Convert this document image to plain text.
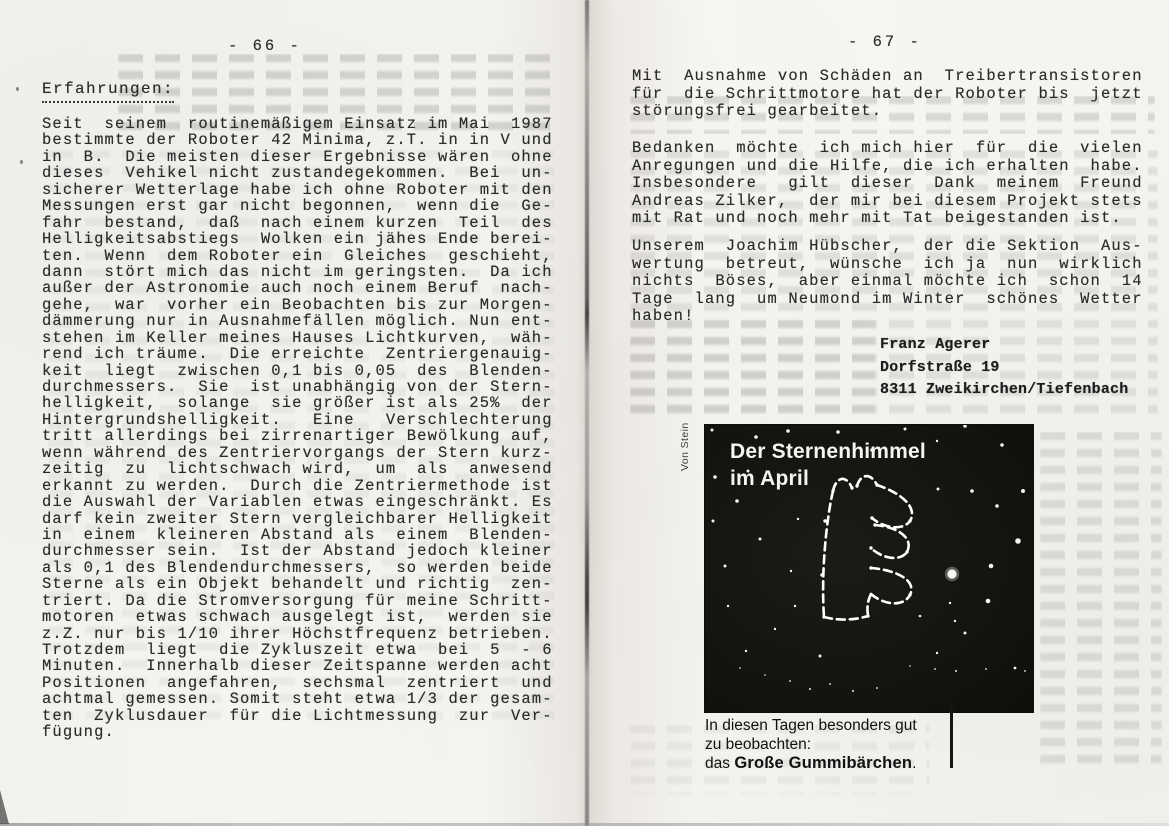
- 66 -
Erfahrungen:
Seit  seinem  routinemäßigem Einsatz im Mai  1987
bestimmte der Roboter 42 Minima, z.T. in in V und
in  B.  Die meisten dieser Ergebnisse wären  ohne
dieses  Vehikel nicht zustandegekommen.  Bei  un-
sicherer Wetterlage habe ich ohne Roboter mit den
Messungen erst gar nicht begonnen,  wenn die  Ge-
fahr  bestand,  daß  nach einem kurzen  Teil  des
Helligkeitsabstiegs  Wolken ein jähes Ende berei-
ten.  Wenn  dem Roboter ein  Gleiches  geschieht,
dann  stört mich das nicht im geringsten.  Da ich
außer der Astronomie auch noch einem Beruf  nach-
gehe,  war  vorher ein Beobachten bis zur Morgen-
dämmerung nur in Ausnahmefällen möglich. Nun ent-
stehen im Keller meines Hauses Lichtkurven,  wäh-
rend ich träume.  Die erreichte  Zentriergenauig-
keit  liegt  zwischen 0,1 bis 0,05  des  Blenden-
durchmessers.  Sie  ist unabhängig von der Stern-
helligkeit,  solange  sie größer ist als 25%  der
Hintergrundshelligkeit.   Eine   Verschlechterung
tritt allerdings bei zirrenartiger Bewölkung auf,
wenn während des Zentriervorgangs der Stern kurz-
zeitig  zu  lichtschwach wird,  um  als  anwesend
erkannt zu werden.  Durch die Zentriermethode ist
die Auswahl der Variablen etwas eingeschränkt. Es
darf kein zweiter Stern vergleichbarer Helligkeit
in  einem  kleineren Abstand als  einem  Blenden-
durchmesser sein.  Ist der Abstand jedoch kleiner
als 0,1 des Blendendurchmessers,  so werden beide
Sterne als ein Objekt behandelt und richtig  zen-
triert. Da die Stromversorgung für meine Schritt-
motoren  etwas schwach ausgelegt ist,  werden sie
z.Z. nur bis 1/10 ihrer Höchstfrequenz betrieben.
Trotzdem  liegt  die Zykluszeit etwa  bei  5  - 6
Minuten.  Innerhalb dieser Zeitspanne werden acht
Positionen  angefahren,  sechsmal  zentriert  und
achtmal gemessen. Somit steht etwa 1/3 der gesam-
ten  Zyklusdauer  für die Lichtmessung  zur  Ver-
fügung.
- 67 -
Mit  Ausnahme von Schäden an  Treibertransistoren
für  die Schrittmotore hat der Roboter bis  jetzt
störungsfrei gearbeitet.
Bedanken  möchte  ich mich hier  für  die  vielen
Anregungen und die Hilfe, die ich erhalten  habe.
Insbesondere   gilt  dieser  Dank  meinem  Freund
Andreas Zilker,  der mir bei diesem Projekt stets
mit Rat und noch mehr mit Tat beigestanden ist.
Unserem  Joachim Hübscher,  der die Sektion  Aus-
wertung  betreut,  wünsche  ich ja  nun  wirklich
nichts  Böses,  aber einmal möchte ich  schon  14
Tage  lang  um Neumond im Winter  schönes  Wetter
haben!
Franz Agerer
Dorfstraße 19
8311 Zweikirchen/Tiefenbach
Von Stein Der Sternenhimmel
im April
In diesen Tagen besonders gut
zu beobachten:
das Große Gummibärchen.
